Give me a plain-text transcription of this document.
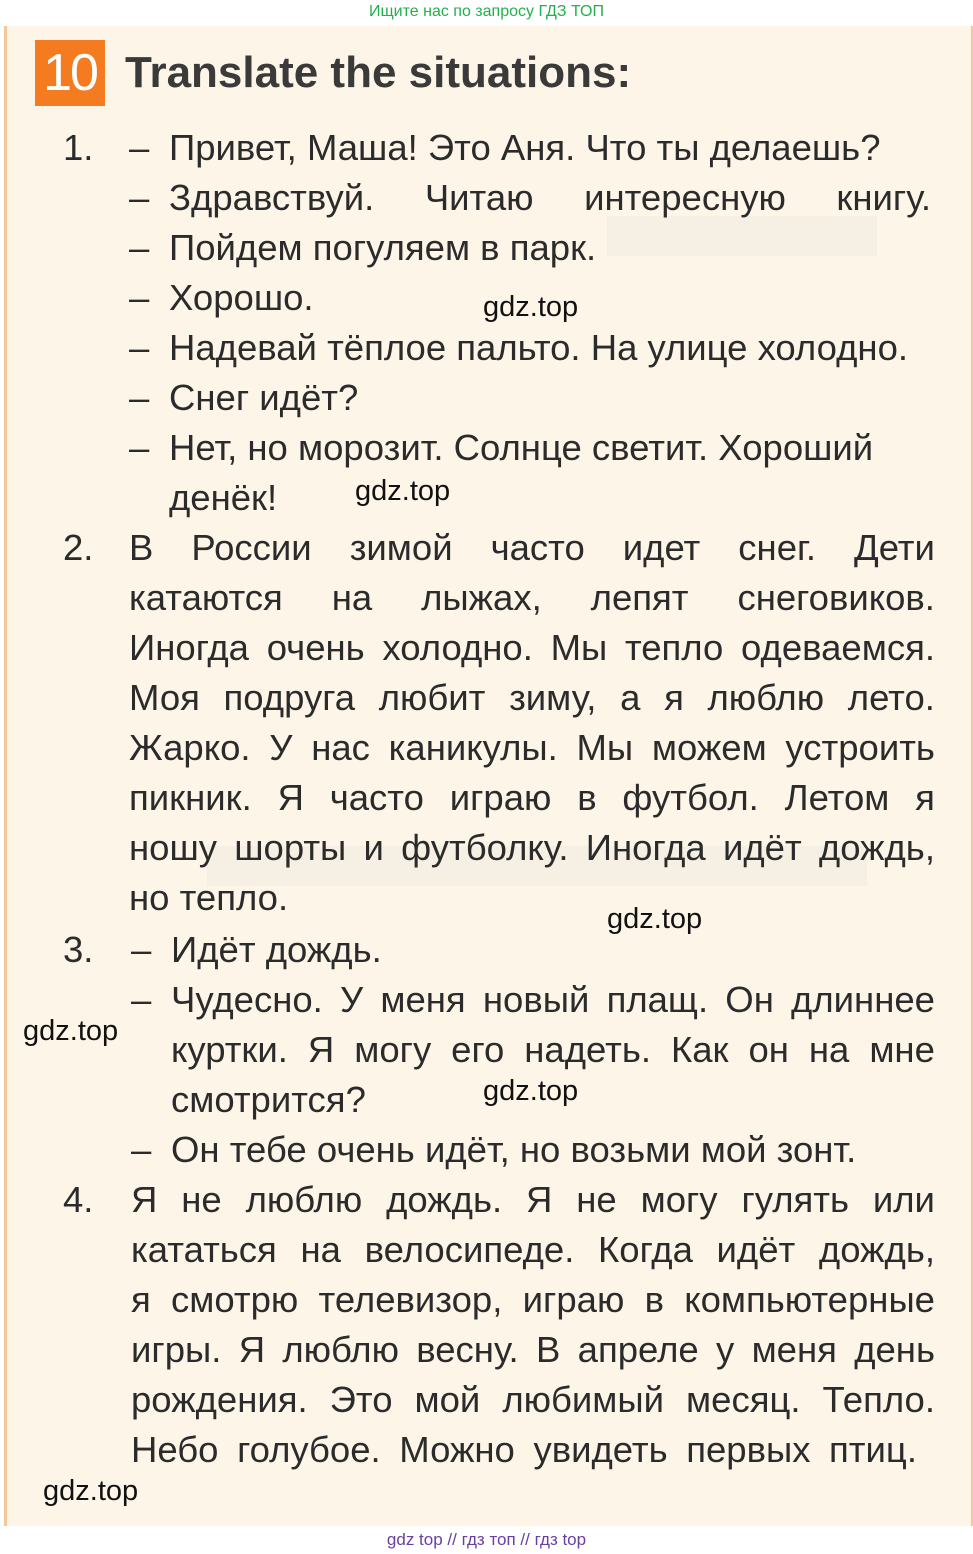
Ищите нас по запросу ГДЗ ТОП
10 Translate the situations:
1. – Привет, Маша! Это Аня. Что ты делаешь?
– Здравствуй. Читаю интересную книгу.
– Пойдем погуляем в парк.
– Хорошо.
– Надевай тёплое пальто. На улице холодно.
– Снег идёт?
– Нет, но морозит. Солнце светит. Хороший
денёк!
2. В России зимой часто идет снег. Дети
катаются на лыжах, лепят снеговиков.
Иногда очень холодно. Мы тепло одеваемся.
Моя подруга любит зиму, а я люблю лето.
Жарко. У нас каникулы. Мы можем устроить
пикник. Я часто играю в футбол. Летом я
ношу шорты и футболку. Иногда идёт дождь,
но тепло.
3.	– Идёт дождь.
– Чудесно. У меня новый плащ. Он длиннее
куртки. Я могу его надеть. Как он на мне
смотрится?
– Он тебе очень идёт, но возьми мой зонт.
4.	Я не люблю дождь. Я не могу гулять или
кататься на велосипеде. Когда идёт дождь,
я смотрю телевизор, играю в компьютерные
игры. Я люблю весну. В апреле у меня день
рождения. Это мой любимый месяц. Тепло.
Небо голубое. Можно увидеть первых птиц.
gdz.top
gdz.top
gdz.top
gdz.top
gdz.top
gdz.top
gdz top // гдз топ // гдз top
